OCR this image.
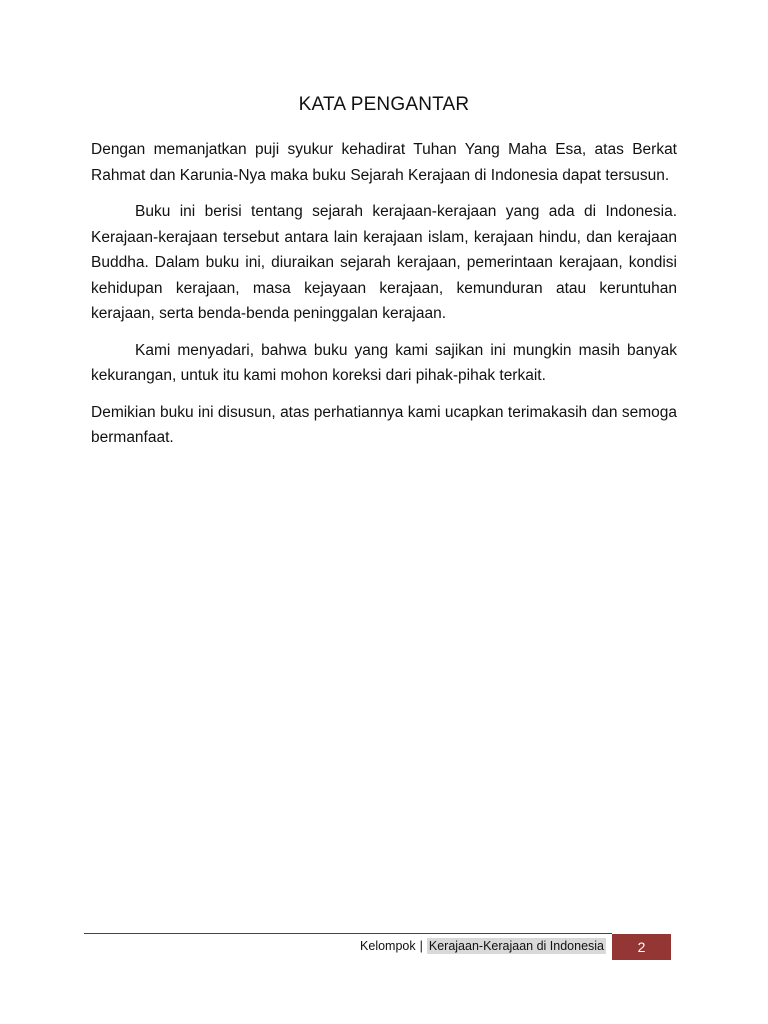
KATA PENGANTAR

Dengan memanjatkan puji syukur kehadirat Tuhan Yang Maha Esa, atas Berkat Rahmat dan Karunia-Nya maka buku Sejarah Kerajaan di Indonesia dapat tersusun.

Buku ini berisi tentang sejarah kerajaan-kerajaan yang ada di Indonesia. Kerajaan-kerajaan tersebut antara lain kerajaan islam, kerajaan hindu, dan kerajaan Buddha. Dalam buku ini, diuraikan sejarah kerajaan, pemerintaan kerajaan, kondisi kehidupan kerajaan, masa kejayaan kerajaan, kemunduran atau keruntuhan kerajaan, serta benda-benda peninggalan kerajaan.

Kami menyadari, bahwa buku yang kami sajikan ini mungkin masih banyak kekurangan, untuk itu kami mohon koreksi dari pihak-pihak terkait.

Demikian buku ini disusun, atas perhatiannya kami ucapkan terimakasih dan semoga bermanfaat.

Kelompok | Kerajaan-Kerajaan di Indonesia 2
